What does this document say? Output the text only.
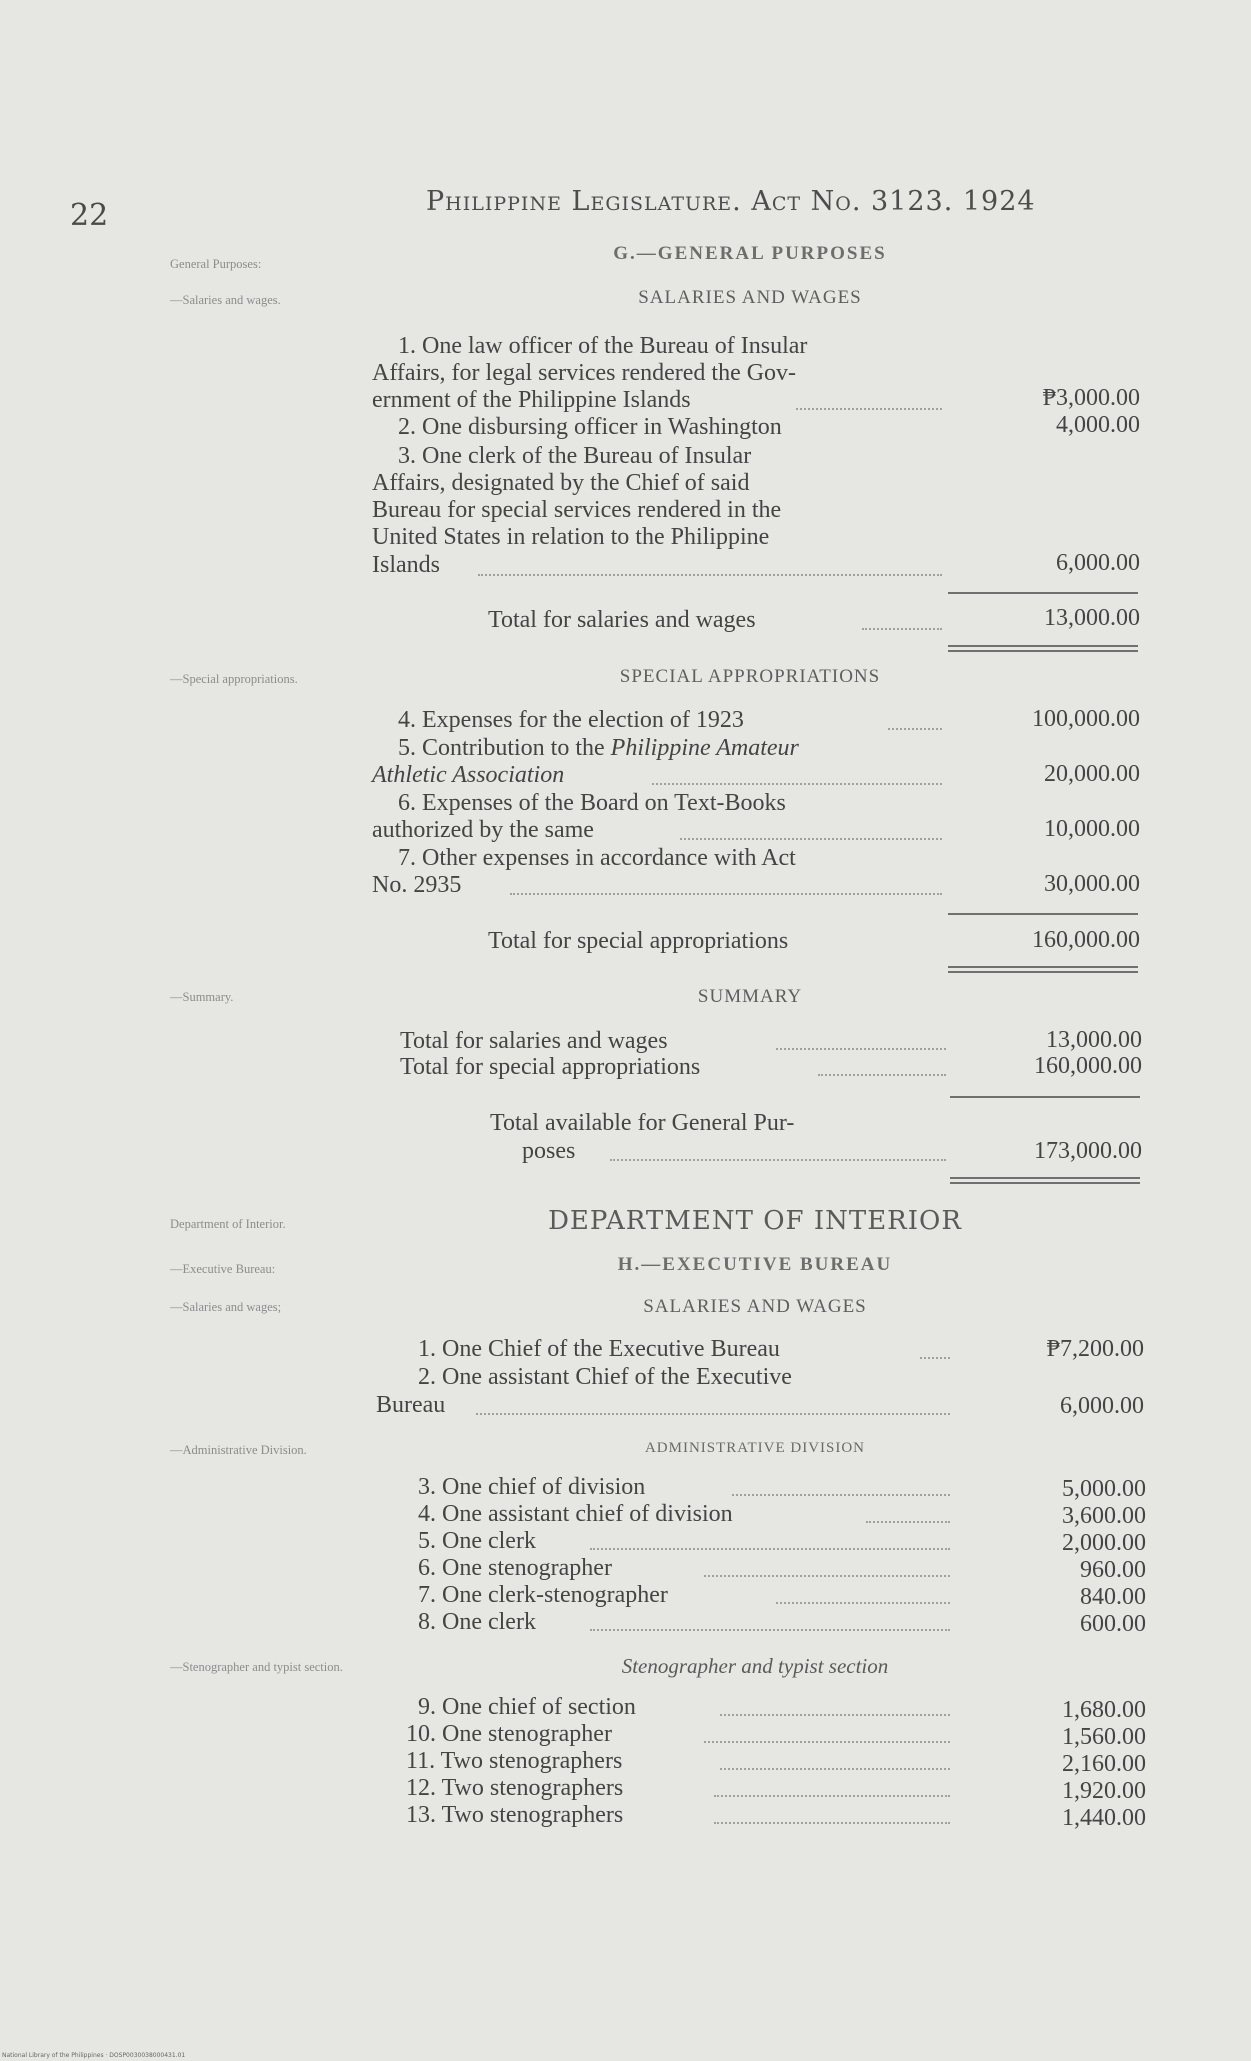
22	Philippine Legislature. Act No. 3123. 1924
General Purposes:
—Salaries and wages.
—Special appropriations.
—Summary.
Department of Interior.
—Executive Bureau:
—Salaries and wages;
—Administrative Division.
—Stenographer and typist section.
G.—GENERAL PURPOSES
SALARIES AND WAGES
1. One law officer of the Bureau of Insular
Affairs, for legal services rendered the Gov-
ernment of the Philippine Islands	₱3,000.00
2. One disbursing officer in Washington	4,000.00
3. One clerk of the Bureau of Insular
Affairs, designated by the Chief of said
Bureau for special services rendered in the
United States in relation to the Philippine
Islands	6,000.00
Total for salaries and wages	13,000.00
SPECIAL APPROPRIATIONS
4. Expenses for the election of 1923	100,000.00
5. Contribution to the Philippine Amateur
Athletic Association	20,000.00
6. Expenses of the Board on Text-Books
authorized by the same	10,000.00
7. Other expenses in accordance with Act
No. 2935	30,000.00
Total for special appropriations	160,000.00
SUMMARY
Total for salaries and wages	13,000.00
Total for special appropriations	160,000.00
Total available for General Pur-
poses	173,000.00
DEPARTMENT OF INTERIOR
H.—EXECUTIVE BUREAU
SALARIES AND WAGES
1. One Chief of the Executive Bureau	₱7,200.00
2. One assistant Chief of the Executive
Bureau	6,000.00
ADMINISTRATIVE DIVISION
3. One chief of division	5,000.00
4. One assistant chief of division	3,600.00
5. One clerk	2,000.00
6. One stenographer	960.00
7. One clerk-stenographer	840.00
8. One clerk	600.00
Stenographer and typist section
9. One chief of section	1,680.00
10. One stenographer	1,560.00
11. Two stenographers	2,160.00
12. Two stenographers	1,920.00
13. Two stenographers	1,440.00
National Library of the Philippines · DOSP0030038000431.01
